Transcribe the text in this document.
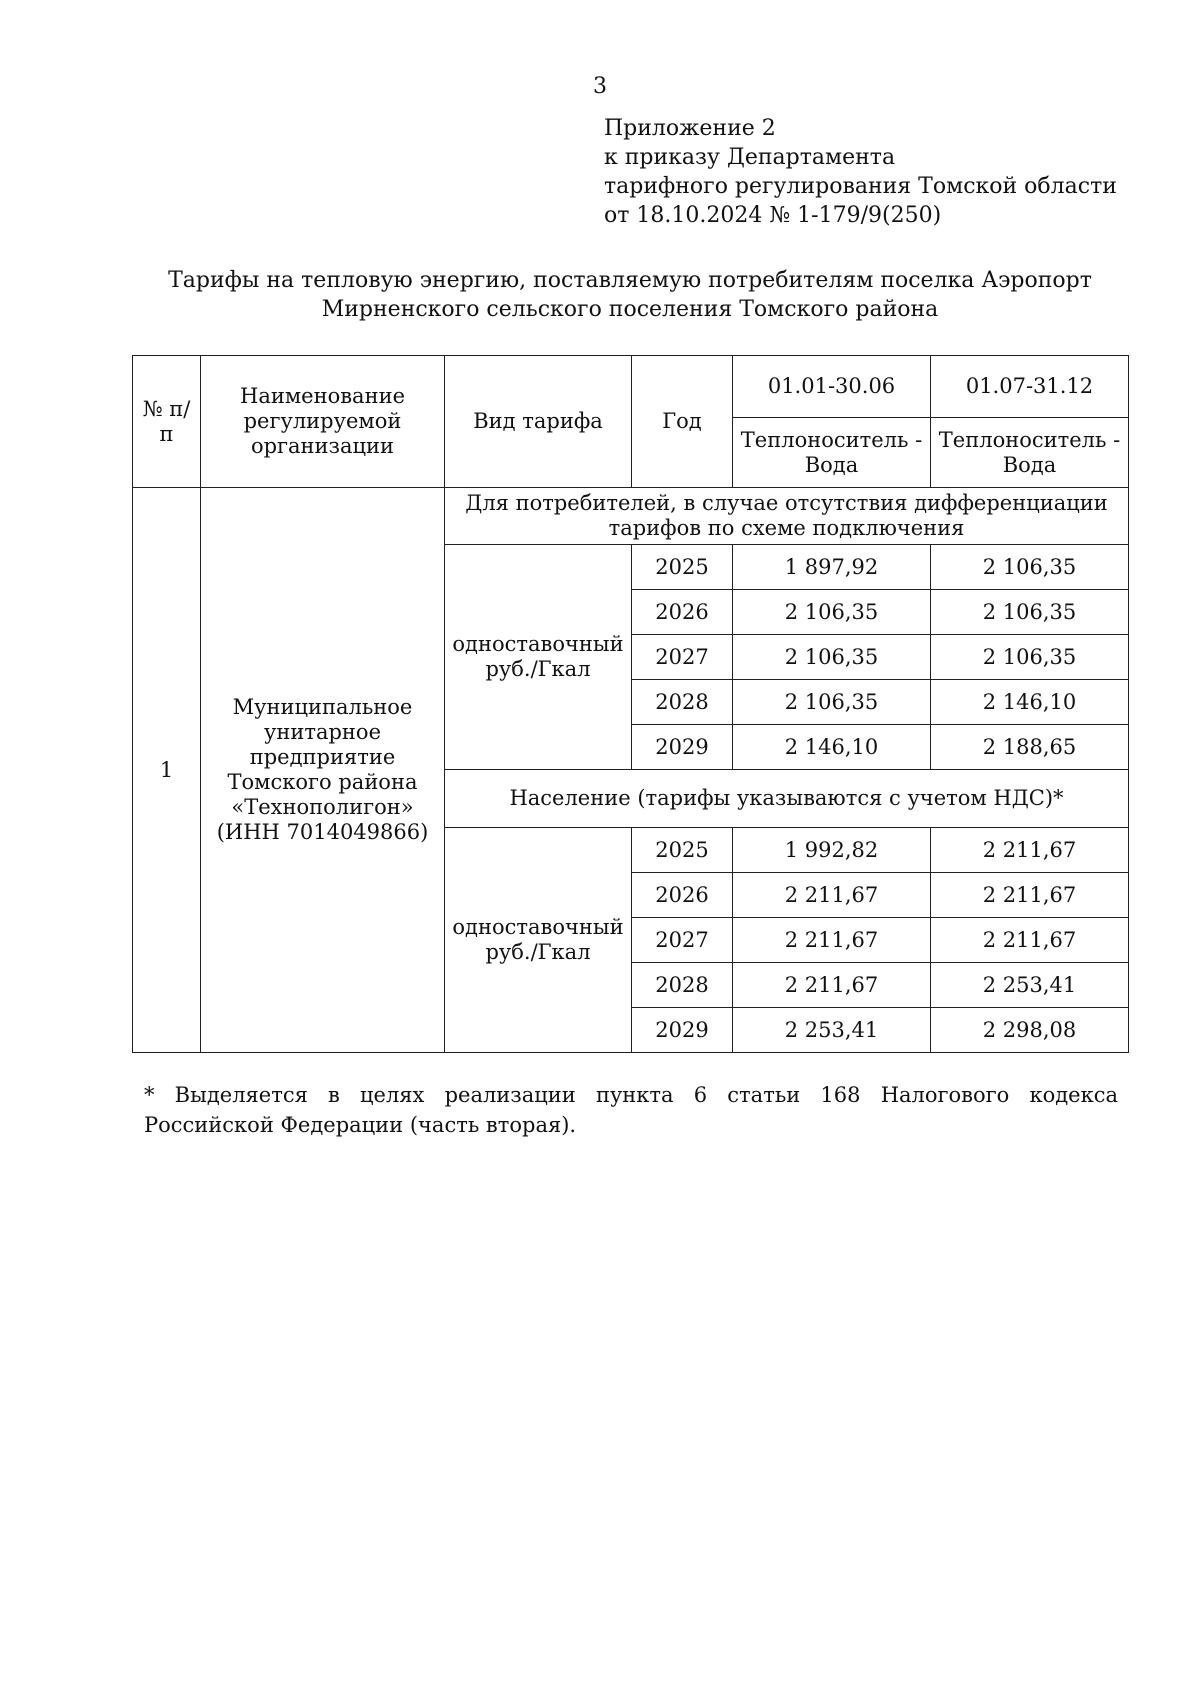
3
Приложение 2
к приказу Департамента
тарифного регулирования Томской области
от 18.10.2024 № 1-179/9(250)
Тарифы на тепловую энергию, поставляемую потребителям поселка Аэропорт
Мирненского сельского поселения Томского района
№ п/п	Наименование регулируемой организации	Вид тарифа	Год	01.01-30.06	01.07-31.12
				Теплоноситель - Вода	Теплоноситель - Вода
1	Муниципальное унитарное предприятие Томского района «Технополигон» (ИНН 7014049866)	Для потребителей, в случае отсутствия дифференциации тарифов по схеме подключения			
		одноставочный руб./Гкал	2025	1 897,92	2 106,35
			2026	2 106,35	2 106,35
			2027	2 106,35	2 106,35
			2028	2 106,35	2 146,10
			2029	2 146,10	2 188,65
		Население (тарифы указываются с учетом НДС)*			
		одноставочный руб./Гкал	2025	1 992,82	2 211,67
			2026	2 211,67	2 211,67
			2027	2 211,67	2 211,67
			2028	2 211,67	2 253,41
			2029	2 253,41	2 298,08
* Выделяется в целях реализации пункта 6 статьи 168 Налогового кодекса Российской Федерации (часть вторая).
